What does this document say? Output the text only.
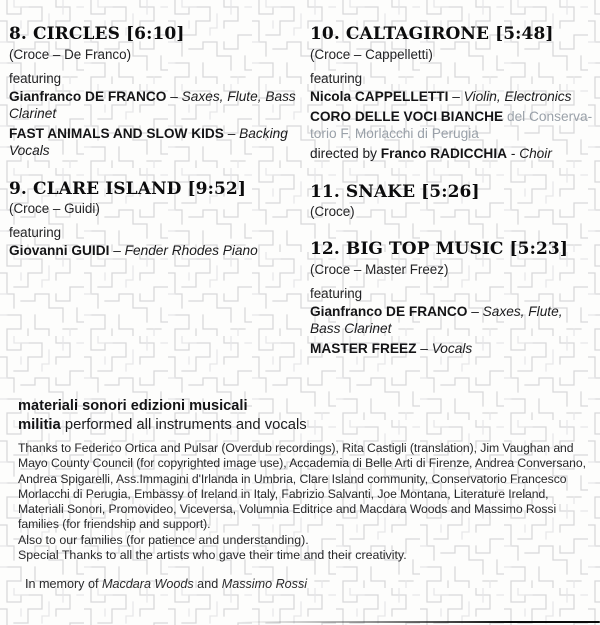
8. CIRCLES [6:10]

(Croce – De Franco)

featuring

Gianfranco DE FRANCO – Saxes, Flute, Bass Clarinet

FAST ANIMALS AND SLOW KIDS – Backing Vocals

9. CLARE ISLAND [9:52]

(Croce – Guidi)

featuring

Giovanni GUIDI – Fender Rhodes Piano

10. CALTAGIRONE [5:48]

(Croce – Cappelletti)

featuring

Nicola CAPPELLETTI – Violin, Electronics

CORO DELLE VOCI BIANCHE del Conservatorio F. Morlacchi di Perugia

directed by Franco RADICCHIA - Choir

11. SNAKE [5:26]

(Croce)

12. BIG TOP MUSIC [5:23]

(Croce – Master Freez)

featuring

Gianfranco DE FRANCO – Saxes, Flute, Bass Clarinet

MASTER FREEZ – Vocals

materiali sonori edizioni musicali

militia performed all instruments and vocals

Thanks to Federico Ortica and Pulsar (Overdub recordings), Rita Castigli (translation), Jim Vaughan and Mayo County Council (for copyrighted image use), Accademia di Belle Arti di Firenze, Andrea Conversano, Andrea Spigarelli, Ass.Immagini d'Irlanda in Umbria, Clare Island community, Conservatorio Francesco Morlacchi di Perugia, Embassy of Ireland in Italy, Fabrizio Salvanti, Joe Montana, Literature Ireland, Materiali Sonori, Promovideo, Viceversa, Volumnia Editrice and Macdara Woods and Massimo Rossi families (for friendship and support).

Also to our families (for patience and understanding).

Special Thanks to all the artists who gave their time and their creativity.

In memory of Macdara Woods and Massimo Rossi
